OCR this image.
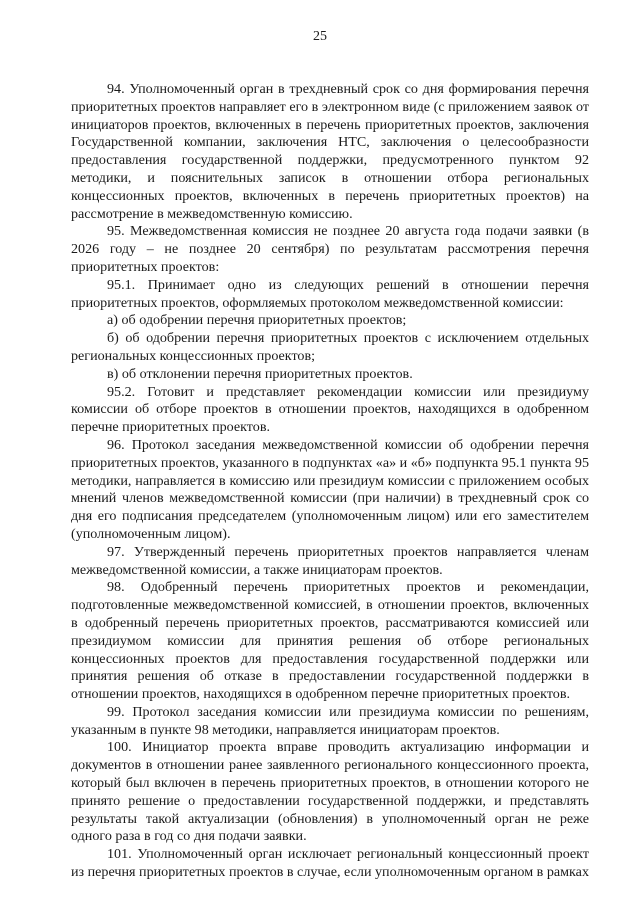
25

94. Уполномоченный орган в трехдневный срок со дня формирования перечня приоритетных проектов направляет его в электронном виде (с приложением заявок от инициаторов проектов, включенных в перечень приоритетных проектов, заключения Государственной компании, заключения НТС, заключения о целесообразности предоставления государственной поддержки, предусмотренного пунктом 92 методики, и пояснительных записок в отношении отбора региональных концессионных проектов, включенных в перечень приоритетных проектов) на рассмотрение в межведомственную комиссию.

95. Межведомственная комиссия не позднее 20 августа года подачи заявки (в 2026 году – не позднее 20 сентября) по результатам рассмотрения перечня приоритетных проектов:

95.1. Принимает одно из следующих решений в отношении перечня приоритетных проектов, оформляемых протоколом межведомственной комиссии:

а) об одобрении перечня приоритетных проектов;

б) об одобрении перечня приоритетных проектов с исключением отдельных региональных концессионных проектов;

в) об отклонении перечня приоритетных проектов.

95.2. Готовит и представляет рекомендации комиссии или президиуму комиссии об отборе проектов в отношении проектов, находящихся в одобренном перечне приоритетных проектов.

96. Протокол заседания межведомственной комиссии об одобрении перечня приоритетных проектов, указанного в подпунктах «а» и «б» подпункта 95.1 пункта 95 методики, направляется в комиссию или президиум комиссии с приложением особых мнений членов межведомственной комиссии (при наличии) в трехдневный срок со дня его подписания председателем (уполномоченным лицом) или его заместителем (уполномоченным лицом).

97. Утвержденный перечень приоритетных проектов направляется членам межведомственной комиссии, а также инициаторам проектов.

98. Одобренный перечень приоритетных проектов и рекомендации, подготовленные межведомственной комиссией, в отношении проектов, включенных в одобренный перечень приоритетных проектов, рассматриваются комиссией или президиумом комиссии для принятия решения об отборе региональных концессионных проектов для предоставления государственной поддержки или принятия решения об отказе в предоставлении государственной поддержки в отношении проектов, находящихся в одобренном перечне приоритетных проектов.

99. Протокол заседания комиссии или президиума комиссии по решениям, указанным в пункте 98 методики, направляется инициаторам проектов.

100. Инициатор проекта вправе проводить актуализацию информации и документов в отношении ранее заявленного регионального концессионного проекта, который был включен в перечень приоритетных проектов, в отношении которого не принято решение о предоставлении государственной поддержки, и представлять результаты такой актуализации (обновления) в уполномоченный орган не реже одного раза в год со дня подачи заявки.

101. Уполномоченный орган исключает региональный концессионный проект из перечня приоритетных проектов в случае, если уполномоченным органом в рамках
